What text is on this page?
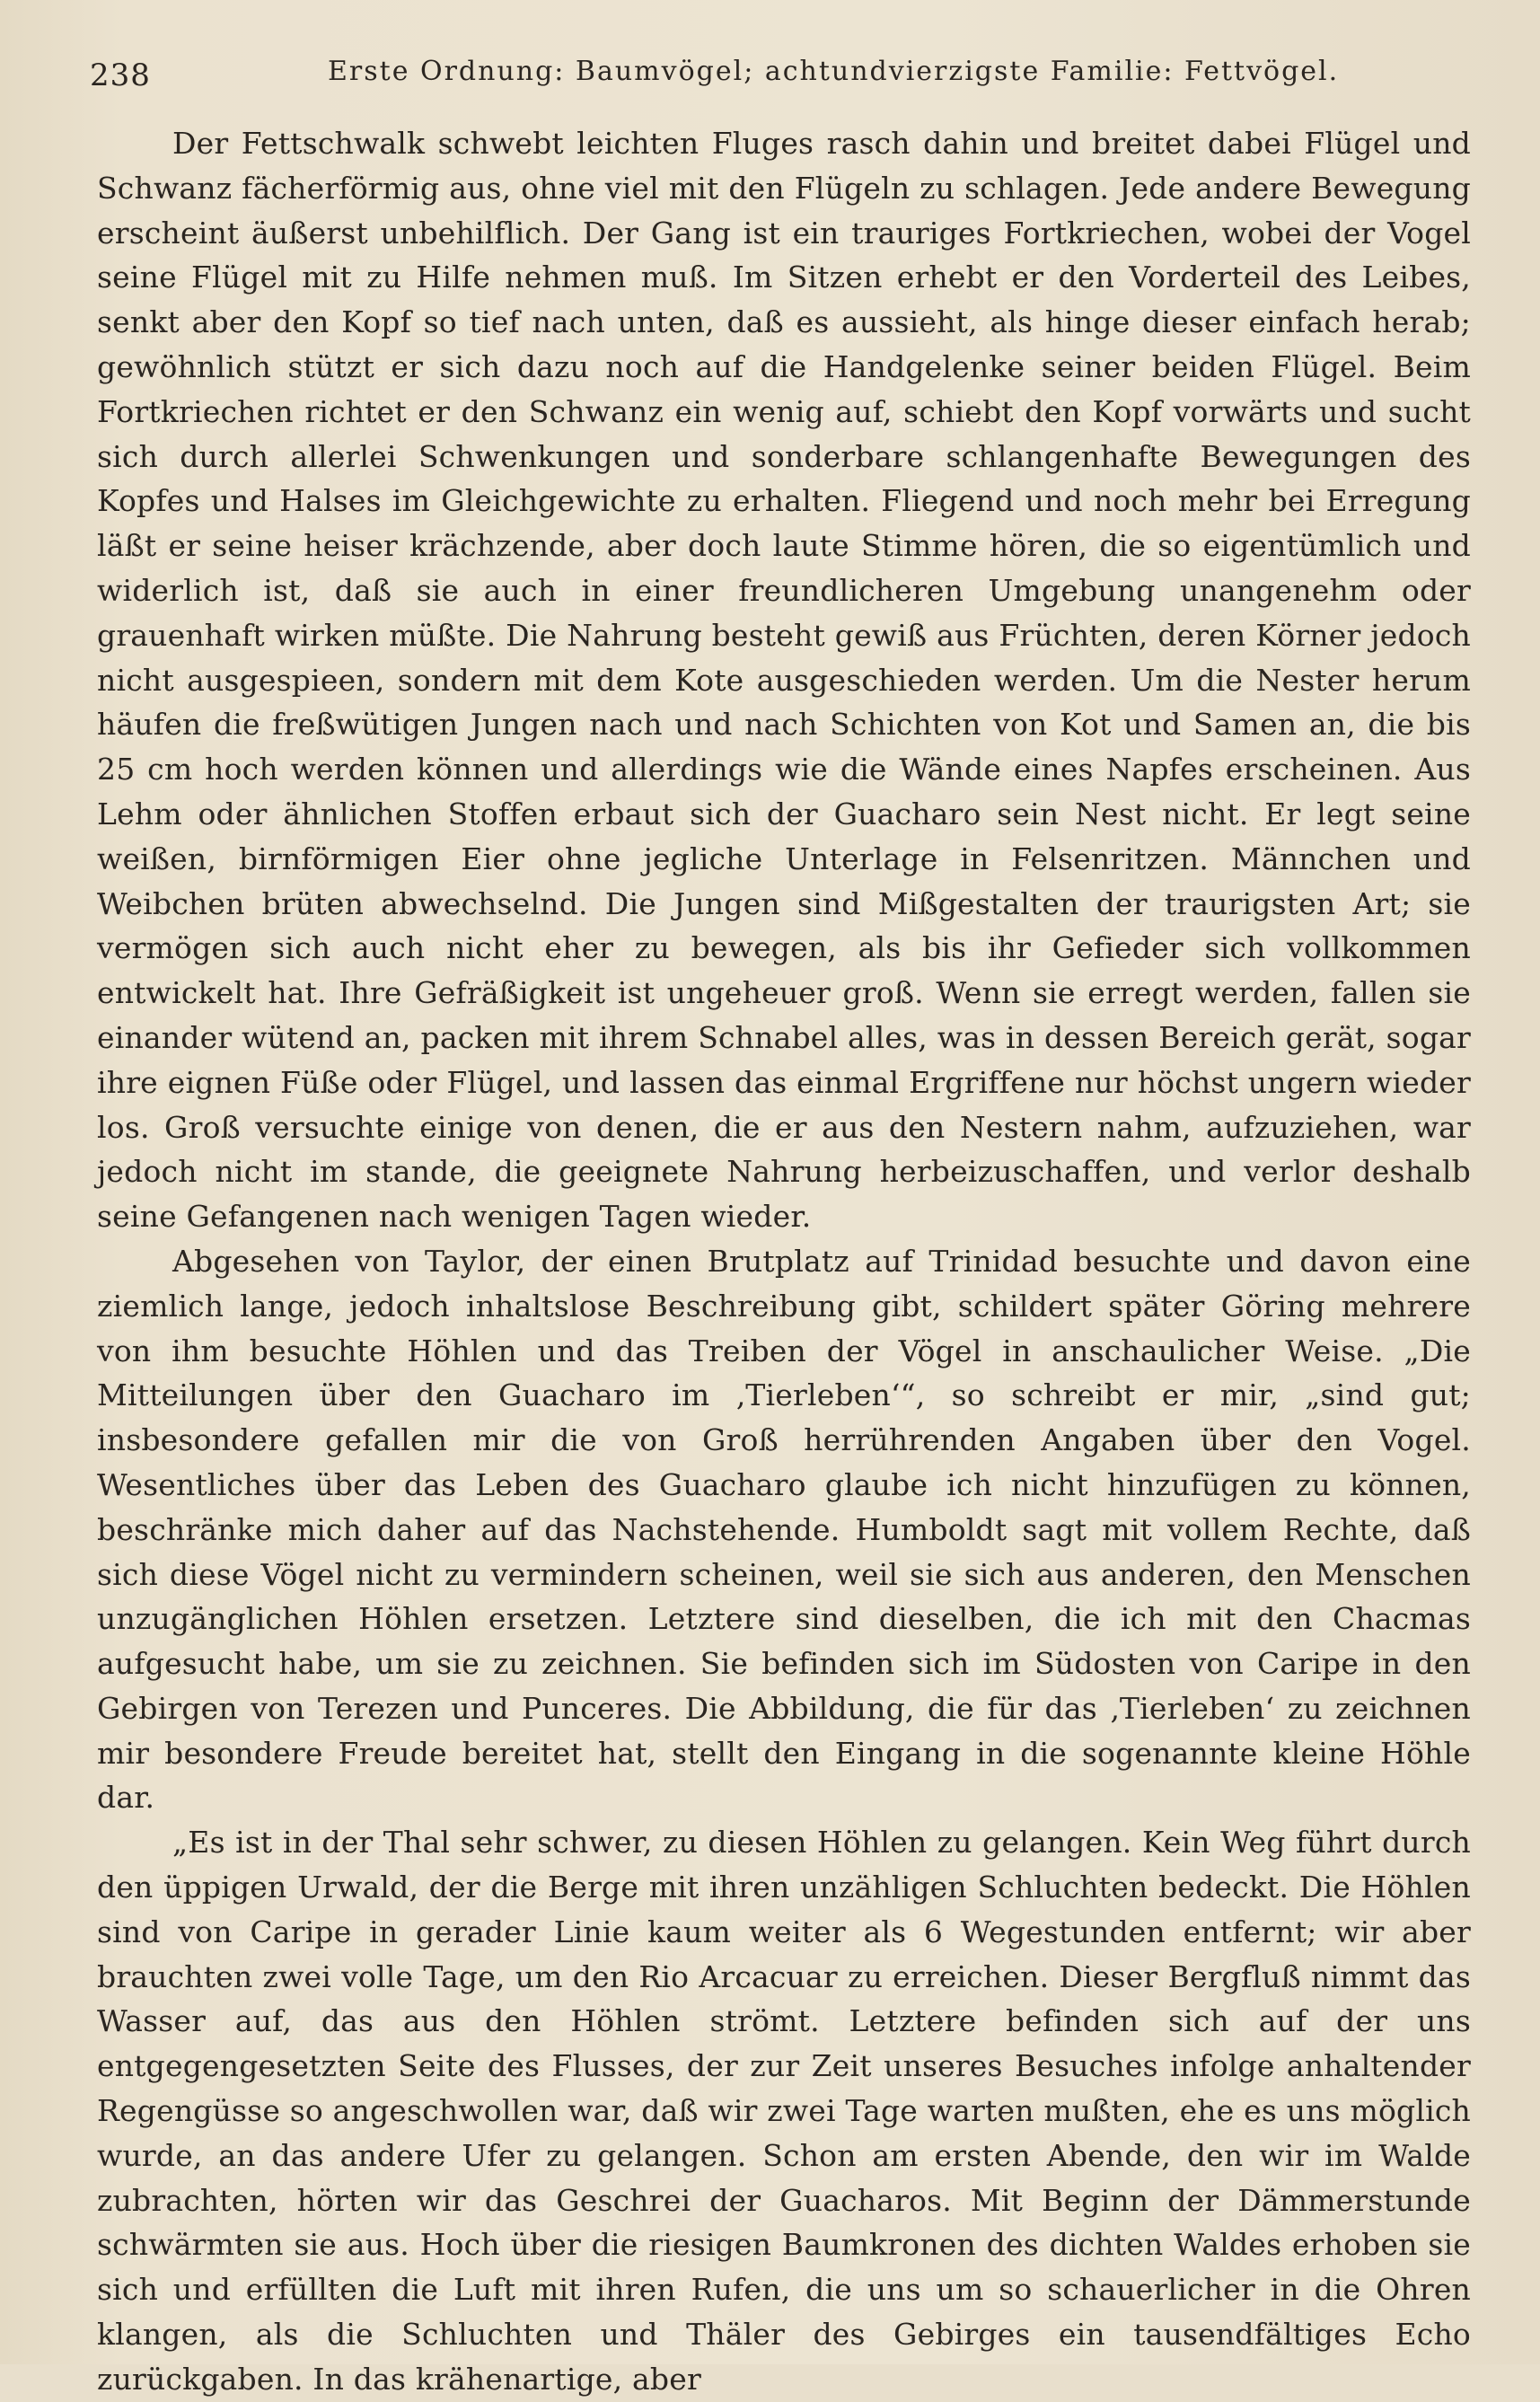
238	Erste Ordnung: Baumvögel; achtundvierzigste Familie: Fettvögel.

Der Fettschwalk schwebt leichten Fluges rasch dahin und breitet dabei Flügel und Schwanz fächerförmig aus, ohne viel mit den Flügeln zu schlagen. Jede andere Bewegung erscheint äußerst unbehilflich. Der Gang ist ein trauriges Fortkriechen, wobei der Vogel seine Flügel mit zu Hilfe nehmen muß. Im Sitzen erhebt er den Vorderteil des Leibes, senkt aber den Kopf so tief nach unten, daß es aussieht, als hinge dieser einfach herab; gewöhnlich stützt er sich dazu noch auf die Handgelenke seiner beiden Flügel. Beim Fortkriechen richtet er den Schwanz ein wenig auf, schiebt den Kopf vorwärts und sucht sich durch allerlei Schwenkungen und sonderbare schlangenhafte Bewegungen des Kopfes und Halses im Gleichgewichte zu erhalten. Fliegend und noch mehr bei Erregung läßt er seine heiser krächzende, aber doch laute Stimme hören, die so eigentümlich und widerlich ist, daß sie auch in einer freundlicheren Umgebung unangenehm oder grauenhaft wirken müßte. Die Nahrung besteht gewiß aus Früchten, deren Körner jedoch nicht ausgespieen, sondern mit dem Kote ausgeschieden werden. Um die Nester herum häufen die freßwütigen Jungen nach und nach Schichten von Kot und Samen an, die bis 25 cm hoch werden können und allerdings wie die Wände eines Napfes erscheinen. Aus Lehm oder ähnlichen Stoffen erbaut sich der Guacharo sein Nest nicht. Er legt seine weißen, birnförmigen Eier ohne jegliche Unterlage in Felsenritzen. Männchen und Weibchen brüten abwechselnd. Die Jungen sind Mißgestalten der traurigsten Art; sie vermögen sich auch nicht eher zu bewegen, als bis ihr Gefieder sich vollkommen entwickelt hat. Ihre Gefräßigkeit ist ungeheuer groß. Wenn sie erregt werden, fallen sie einander wütend an, packen mit ihrem Schnabel alles, was in dessen Bereich gerät, sogar ihre eignen Füße oder Flügel, und lassen das einmal Ergriffene nur höchst ungern wieder los. Groß versuchte einige von denen, die er aus den Nestern nahm, aufzuziehen, war jedoch nicht im stande, die geeignete Nahrung herbeizuschaffen, und verlor deshalb seine Gefangenen nach wenigen Tagen wieder.

Abgesehen von Taylor, der einen Brutplatz auf Trinidad besuchte und davon eine ziemlich lange, jedoch inhaltslose Beschreibung gibt, schildert später Göring mehrere von ihm besuchte Höhlen und das Treiben der Vögel in anschaulicher Weise. „Die Mitteilungen über den Guacharo im ‚Tierleben‘“, so schreibt er mir, „sind gut; insbesondere gefallen mir die von Groß herrührenden Angaben über den Vogel. Wesentliches über das Leben des Guacharo glaube ich nicht hinzufügen zu können, beschränke mich daher auf das Nachstehende. Humboldt sagt mit vollem Rechte, daß sich diese Vögel nicht zu vermindern scheinen, weil sie sich aus anderen, den Menschen unzugänglichen Höhlen ersetzen. Letztere sind dieselben, die ich mit den Chacmas aufgesucht habe, um sie zu zeichnen. Sie befinden sich im Südosten von Caripe in den Gebirgen von Terezen und Punceres. Die Abbildung, die für das ‚Tierleben‘ zu zeichnen mir besondere Freude bereitet hat, stellt den Eingang in die sogenannte kleine Höhle dar.

„Es ist in der Thal sehr schwer, zu diesen Höhlen zu gelangen. Kein Weg führt durch den üppigen Urwald, der die Berge mit ihren unzähligen Schluchten bedeckt. Die Höhlen sind von Caripe in gerader Linie kaum weiter als 6 Wegestunden entfernt; wir aber brauchten zwei volle Tage, um den Rio Arcacuar zu erreichen. Dieser Bergfluß nimmt das Wasser auf, das aus den Höhlen strömt. Letztere befinden sich auf der uns entgegengesetzten Seite des Flusses, der zur Zeit unseres Besuches infolge anhaltender Regengüsse so angeschwollen war, daß wir zwei Tage warten mußten, ehe es uns möglich wurde, an das andere Ufer zu gelangen. Schon am ersten Abende, den wir im Walde zubrachten, hörten wir das Geschrei der Guacharos. Mit Beginn der Dämmerstunde schwärmten sie aus. Hoch über die riesigen Baumkronen des dichten Waldes erhoben sie sich und erfüllten die Luft mit ihren Rufen, die uns um so schauerlicher in die Ohren klangen, als die Schluchten und Thäler des Gebirges ein tausendfältiges Echo zurückgaben. In das krähenartige, aber
